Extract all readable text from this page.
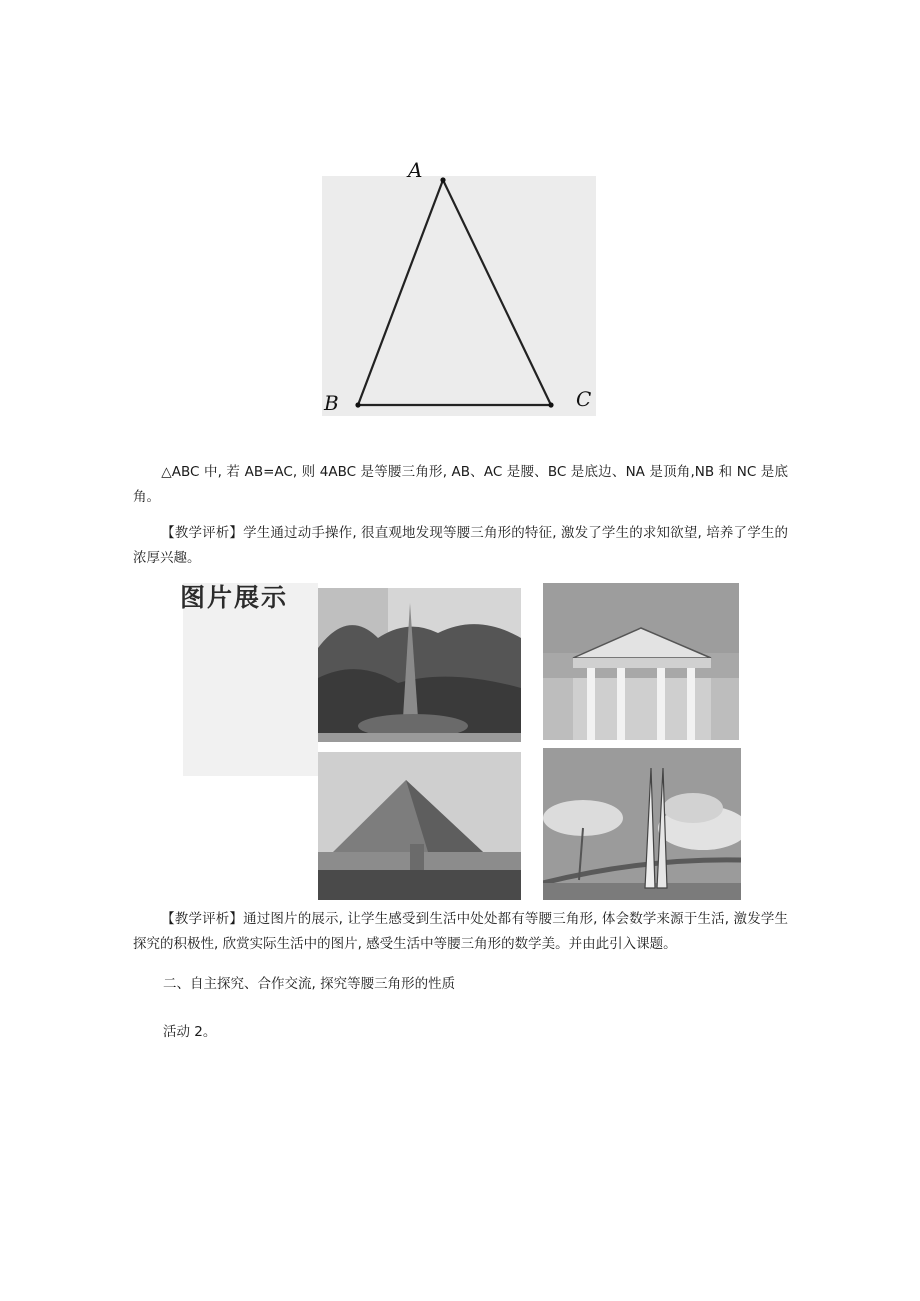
A
B	C
△ABC 中, 若 AB=AC, 则 4ABC 是等腰三角形, AB、AC 是腰、BC 是底边、NA 是顶角,NB 和 NC 是底角。
【教学评析】学生通过动手操作, 很直观地发现等腰三角形的特征, 激发了学生的求知欲望, 培养了学生的浓厚兴趣。
图片展示
【教学评析】通过图片的展示, 让学生感受到生活中处处都有等腰三角形, 体会数学来源于生活, 激发学生探究的积极性, 欣赏实际生活中的图片, 感受生活中等腰三角形的数学美。并由此引入课题。
二、自主探究、合作交流, 探究等腰三角形的性质
活动 2。
